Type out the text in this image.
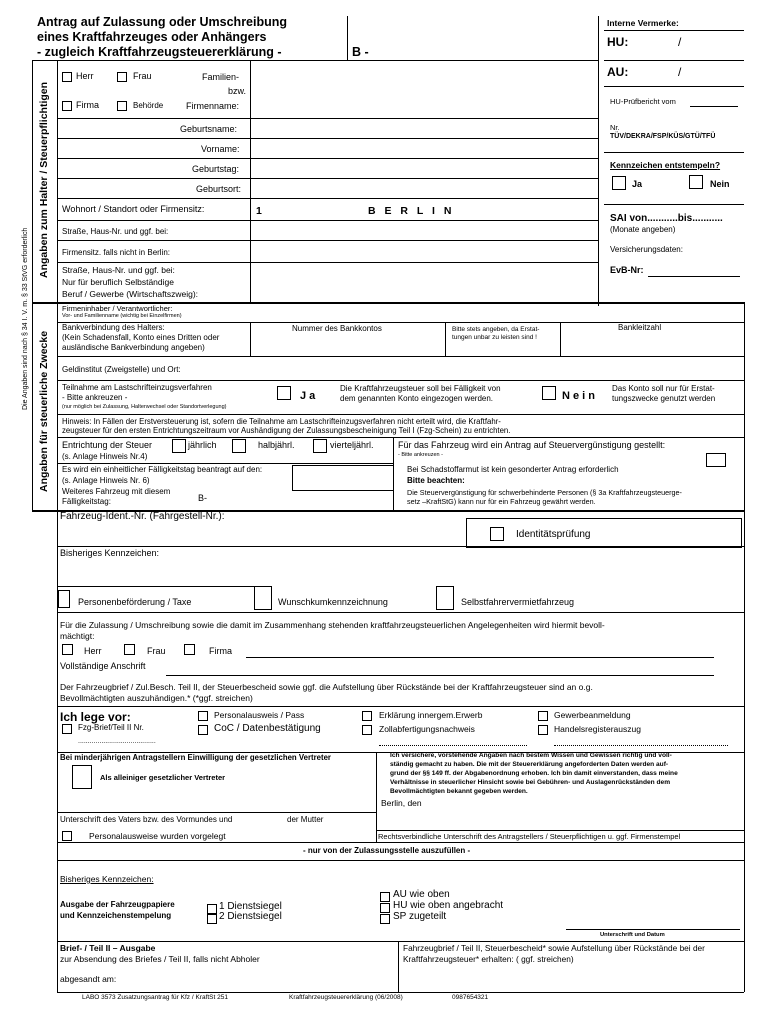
Antrag auf Zulassung oder Umschreibung
eines Kraftfahrzeuges oder Anhängers
- zugleich Kraftfahrzeugsteuererklärung -	B -
Interne Vermerke:
HU:	/
AU:	/
HU-Prüfbericht vom
Nr.
TÜV/DEKRA/FSP/KÜS/GTÜ/TFÜ
Kennzeichen entstempeln?
Ja	Nein
SAI von...........bis...........
(Monate angeben)
Versicherungsdaten:
EvB-Nr:
Angaben zum Halter / Steuerpflichtigen
Angaben für steuerliche Zwecke
Die Angaben sind nach § 34 I. V. m. § 33 StVG erforderlich
Herr	Frau	Familien-
bzw.
Firma	Behörde	Firmenname:
Geburtsname:
Vorname:
Geburtstag:
Geburtsort:
Wohnort / Standort oder Firmensitz:	1	B E R L I N
Straße, Haus-Nr. und ggf. bei:
Firmensitz. falls nicht in Berlin:
Straße, Haus-Nr. und ggf. bei:
Nur für beruflich Selbständige
Beruf / Gewerbe (Wirtschaftszweig):
Firmeninhaber / Verantwortlicher:
Vor- und Familienname (wichtig bei Einzelfirmen)
Bankverbindung des Halters:
(Kein Schadensfall, Konto eines Dritten oder
ausländische Bankverbindung angeben)
Nummer des Bankkontos	Bitte stets angeben, da Erstat-
tungen unbar zu leisten sind !
Bankleitzahl
Geldinstitut (Zweigstelle) und Ort:
Teilnahme am Lastschrifteinzugsverfahren
- Bitte ankreuzen -
(nur möglich bei Zulassung, Halterwechsel oder Standortverlegung)
J a
Die Kraftfahrzeugsteuer soll bei Fälligkeit von
dem genannten Konto eingezogen werden.	N e i n
Das Konto soll nur für Erstat-
tungszwecke genutzt werden
Hinweis: In Fällen der Erstversteuerung ist, sofern die Teilnahme am Lastschrifteinzugsverfahren nicht erteilt wird, die Kraftfahr-
zeugsteuer für den ersten Entrichtungszeitraum vor Aushändigung der Zulassungsbescheinigung Teil I (Fzg-Schein) zu entrichten.
Entrichtung der Steuer	jährlich	halbjährl.	vierteljährl.
(s. Anlage Hinweis Nr.4)
Für das Fahrzeug wird ein Antrag auf Steuervergünstigung gestellt:
- Bitte ankreuzen -
Es wird ein einheitlicher Fälligkeitstag beantragt auf den:
(s. Anlage Hinweis Nr. 6)
Weiteres Fahrzeug mit diesem
Fälligkeitstag:	B-
Bei Schadstoffarmut ist kein gesonderter Antrag erforderlich
Bitte beachten:
Die Steuervergünstigung für schwerbehinderte Personen (§ 3a Kraftfahrzeugsteuerge-
setz –KraftStG) kann nur für ein Fahrzeug gewährt werden.
Fahrzeug-Ident.-Nr. (Fahrgestell-Nr.):
Identitätsprüfung
Bisheriges Kennzeichen:
Personenbeförderung / Taxe	Wunschkumkennzeichnung	Selbstfahrervermietfahrzeug
Für die Zulassung / Umschreibung sowie die damit im Zusammenhang stehenden kraftfahrzeugsteuerlichen Angelegenheiten wird hiermit bevoll-
mächtigt:
Herr	Frau	Firma
Vollständige Anschrift
Der Fahrzeugbrief / Zul.Besch. Teil II, der Steuerbescheid sowie ggf. die Aufstellung über Rückstände bei der Kraftfahrzeugsteuer sind an o.g.
Bevollmächtigten auszuhändigen.* (*ggf. streichen)
Ich lege vor:	Personalausweis / Pass	Erklärung innergem.Erwerb	Gewerbeanmeldung
Fzg-Brief/Teil II Nr.	CoC / Datenbestätigung	Zollabfertigungsnachweis	Handelsregisterauszug
........................................
Bei minderjährigen Antragstellern Einwilligung der gesetzlichen Vertreter
Als alleiniger gesetzlicher Vertreter
Ich versichere, vorstehende Angaben nach bestem Wissen und Gewissen richtig und voll-
ständig gemacht zu haben. Die mit der Steuererklärung angeforderten Daten werden auf-
grund der §§ 149 ff. der Abgabenordnung erhoben. Ich bin damit einverstanden, dass meine
Verhältnisse in steuerlicher Hinsicht sowie bei Gebühren- und Auslagenrückständen dem
Bevollmächtigten bekannt gegeben werden.
Berlin, den
Unterschrift des Vaters bzw. des Vormundes und	der Mutter
Personalausweise wurden vorgelegt	Rechtsverbindliche Unterschrift des Antragstellers / Steuerpflichtigen u. ggf. Firmenstempel
- nur von der Zulassungsstelle auszufüllen -
Bisheriges Kennzeichen:
Ausgabe der Fahrzeugpapiere
und Kennzeichenstempelung
1 Dienstsiegel
2 Dienstsiegel
AU wie oben
HU wie oben angebracht
SP zugeteilt
Unterschrift und Datum
Brief- / Teil II – Ausgabe
zur Absendung des Briefes / Teil II, falls nicht Abholer
abgesandt am:
Fahrzeugbrief / Teil II, Steuerbescheid* sowie Aufstellung über Rückstände bei der
Kraftfahrzeugsteuer* erhalten: ( ggf. streichen)
LABO 3573 Zusatzungsantrag für Kfz / KraftSt 251	Kraftfahrzeugsteuererklärung (06/2008)	0987654321
